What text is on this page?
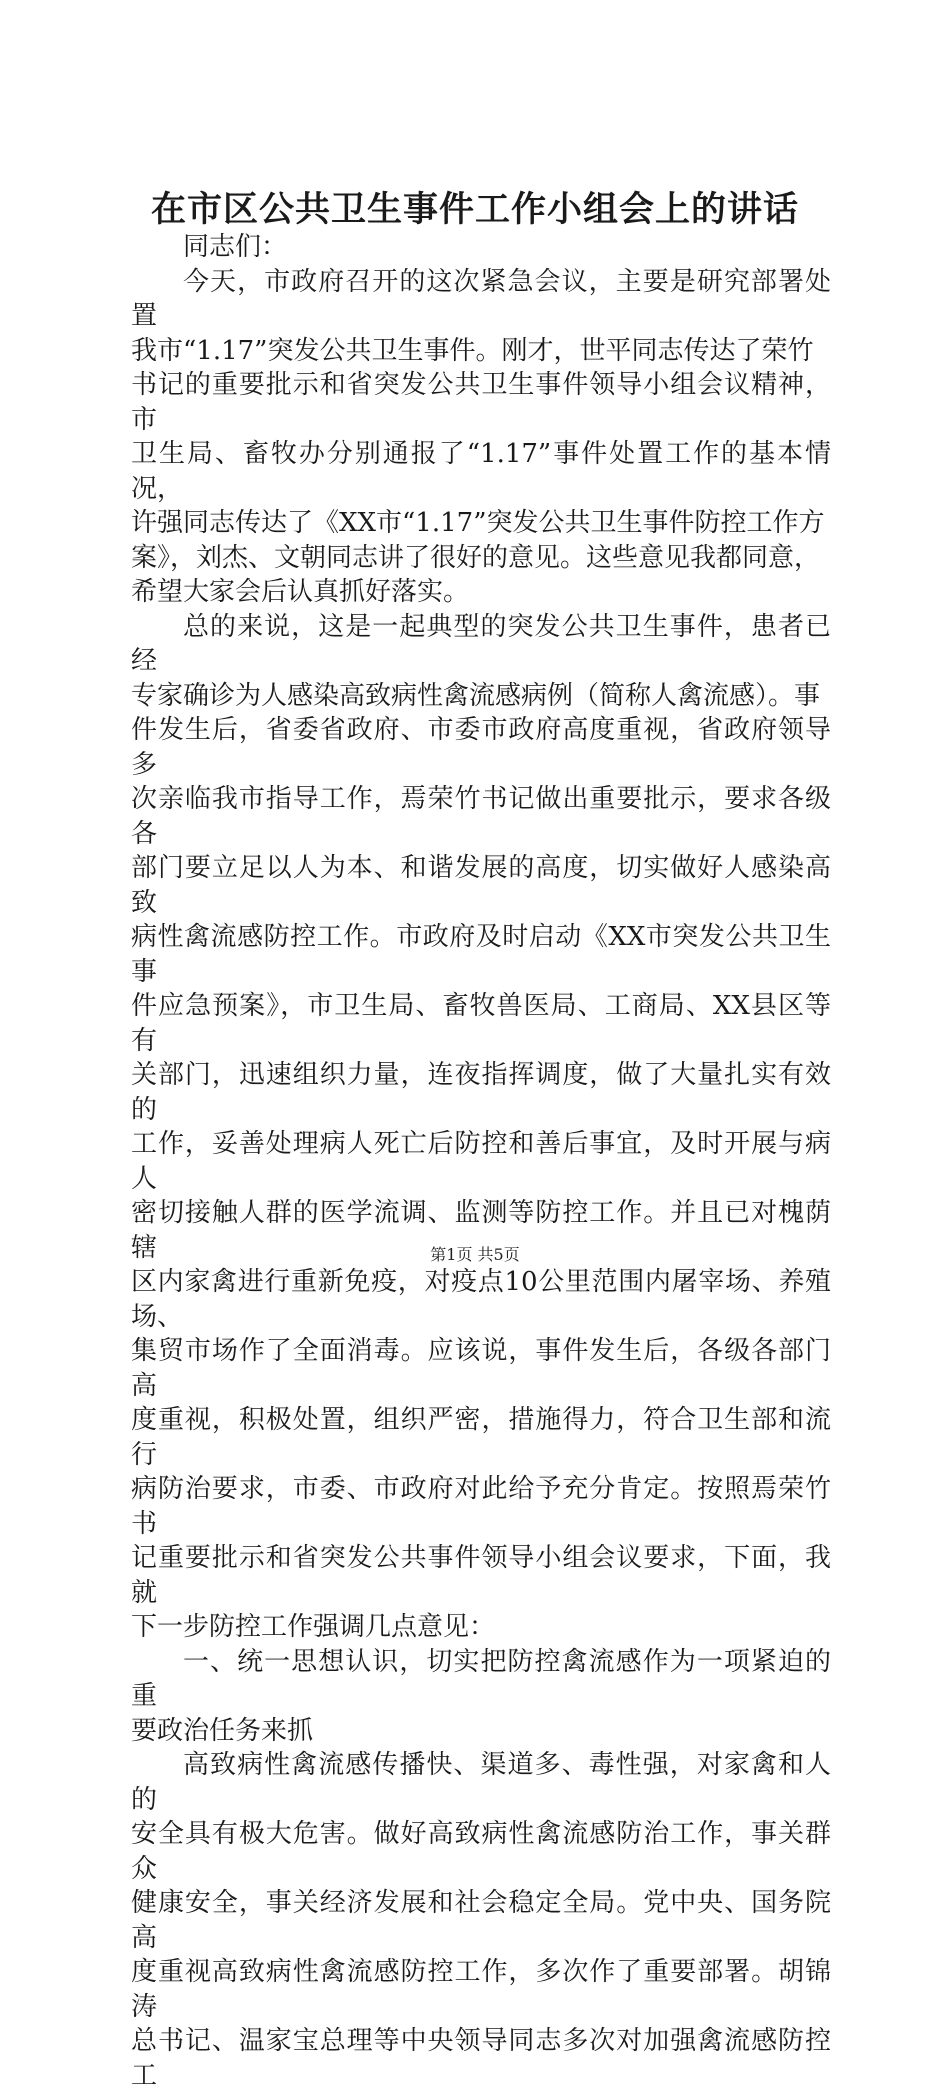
在市区公共卫生事件工作小组会上的讲话

同志们：

今天，市政府召开的这次紧急会议，主要是研究部署处置
我市“1.17”突发公共卫生事件。刚才，世平同志传达了荣竹
书记的重要批示和省突发公共卫生事件领导小组会议精神，市
卫生局、畜牧办分别通报了“1.17”事件处置工作的基本情况，
许强同志传达了《XX市“1.17”突发公共卫生事件防控工作方
案》，刘杰、文朝同志讲了很好的意见。这些意见我都同意，
希望大家会后认真抓好落实。

总的来说，这是一起典型的突发公共卫生事件，患者已经
专家确诊为人感染高致病性禽流感病例（简称人禽流感）。事
件发生后，省委省政府、市委市政府高度重视，省政府领导多
次亲临我市指导工作，焉荣竹书记做出重要批示，要求各级各
部门要立足以人为本、和谐发展的高度，切实做好人感染高致
病性禽流感防控工作。市政府及时启动《XX市突发公共卫生事
件应急预案》，市卫生局、畜牧兽医局、工商局、XX县区等有
关部门，迅速组织力量，连夜指挥调度，做了大量扎实有效的
工作，妥善处理病人死亡后防控和善后事宜，及时开展与病人
密切接触人群的医学流调、监测等防控工作。并且已对槐荫辖
区内家禽进行重新免疫，对疫点10公里范围内屠宰场、养殖场、
集贸市场作了全面消毒。应该说，事件发生后，各级各部门高
度重视，积极处置，组织严密，措施得力，符合卫生部和流行
病防治要求，市委、市政府对此给予充分肯定。按照焉荣竹书
记重要批示和省突发公共事件领导小组会议要求，下面，我就
下一步防控工作强调几点意见：

一、统一思想认识，切实把防控禽流感作为一项紧迫的重
要政治任务来抓

高致病性禽流感传播快、渠道多、毒性强，对家禽和人的
安全具有极大危害。做好高致病性禽流感防治工作，事关群众
健康安全，事关经济发展和社会稳定全局。党中央、国务院高
度重视高致病性禽流感防控工作，多次作了重要部署。胡锦涛
总书记、温家宝总理等中央领导同志多次对加强禽流感防控工

第1页 共5页
